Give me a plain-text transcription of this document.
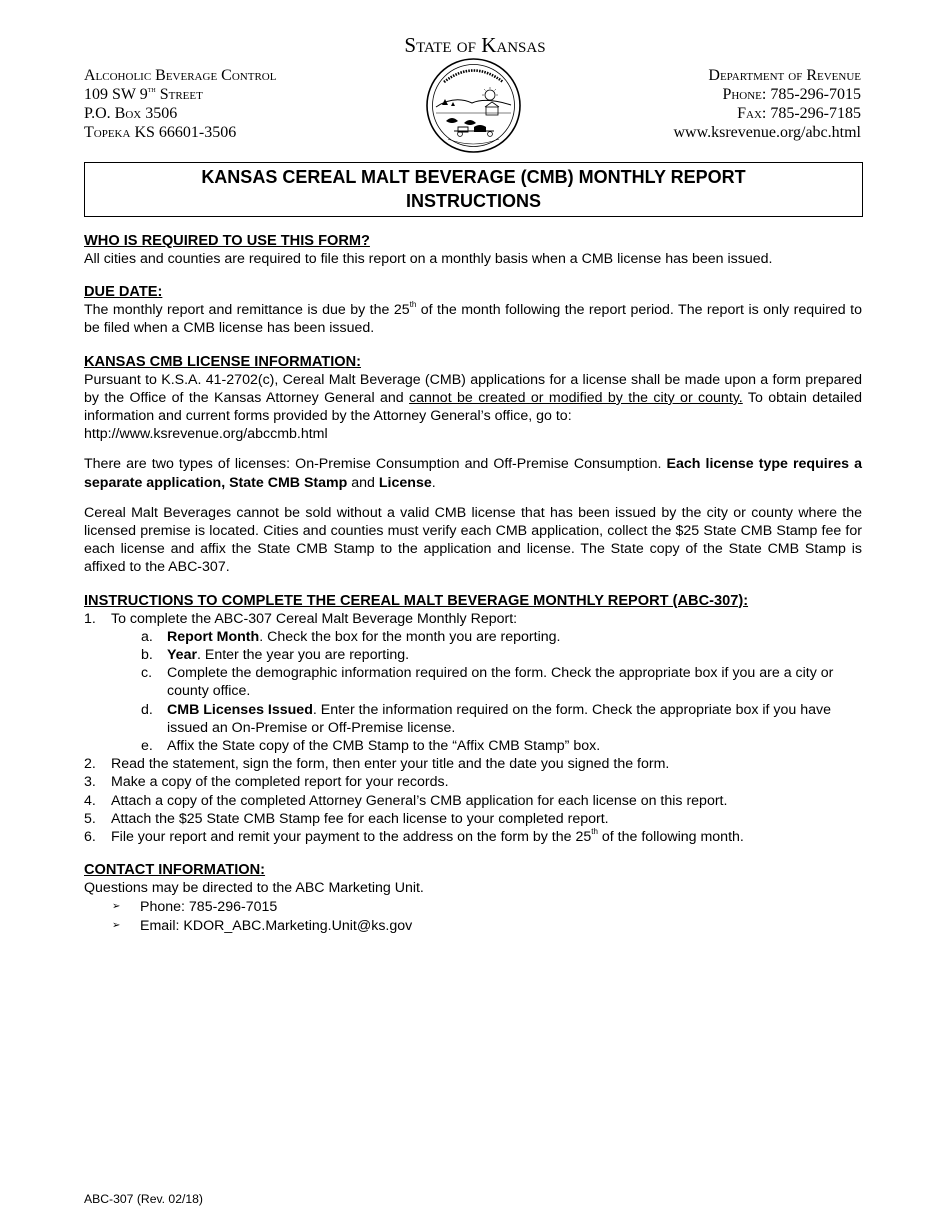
State of Kansas
Alcoholic Beverage Control
109 SW 9th Street
P.O. Box 3506
Topeka KS 66601-3506
Department of Revenue
Phone: 785-296-7015
Fax: 785-296-7185
www.ksrevenue.org/abc.html
KANSAS CEREAL MALT BEVERAGE (CMB) MONTHLY REPORT
INSTRUCTIONS

WHO IS REQUIRED TO USE THIS FORM?

All cities and counties are required to file this report on a monthly basis when a CMB license has been issued.

DUE DATE:

The monthly report and remittance is due by the 25th of the month following the report period. The report is only required to be filed when a CMB license has been issued.

KANSAS CMB LICENSE INFORMATION:

Pursuant to K.S.A. 41-2702(c), Cereal Malt Beverage (CMB) applications for a license shall be made upon a form prepared by the Office of the Kansas Attorney General and cannot be created or modified by the city or county. To obtain detailed information and current forms provided by the Attorney General’s office, go to:

http://www.ksrevenue.org/abccmb.html

There are two types of licenses: On-Premise Consumption and Off-Premise Consumption. Each license type requires a separate application, State CMB Stamp and License.

Cereal Malt Beverages cannot be sold without a valid CMB license that has been issued by the city or county where the licensed premise is located. Cities and counties must verify each CMB application, collect the $25 State CMB Stamp fee for each license and affix the State CMB Stamp to the application and license. The State copy of the State CMB Stamp is affixed to the ABC-307.

INSTRUCTIONS TO COMPLETE THE CEREAL MALT BEVERAGE MONTHLY REPORT (ABC-307):

1. To complete the ABC-307 Cereal Malt Beverage Monthly Report:
a. Report Month. Check the box for the month you are reporting.
b. Year. Enter the year you are reporting.
c. Complete the demographic information required on the form. Check the appropriate box if you are a city or county office.
d. CMB Licenses Issued. Enter the information required on the form. Check the appropriate box if you have issued an On-Premise or Off-Premise license.
e. Affix the State copy of the CMB Stamp to the “Affix CMB Stamp” box.
2. Read the statement, sign the form, then enter your title and the date you signed the form.
3. Make a copy of the completed report for your records.
4. Attach a copy of the completed Attorney General’s CMB application for each license on this report.
5. Attach the $25 State CMB Stamp fee for each license to your completed report.
6. File your report and remit your payment to the address on the form by the 25th of the following month.

CONTACT INFORMATION:

Questions may be directed to the ABC Marketing Unit.

➢ Phone: 785-296-7015
➢ Email: KDOR_ABC.Marketing.Unit@ks.gov
ABC-307 (Rev. 02/18)
